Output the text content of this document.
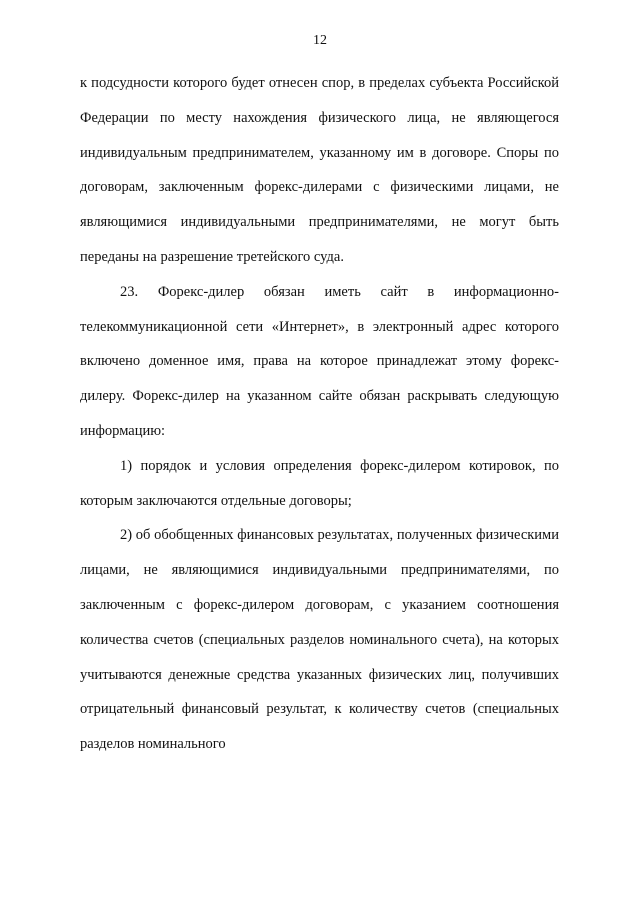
12

к подсудности которого будет отнесен спор, в пределах субъекта Российской Федерации по месту нахождения физического лица, не являющегося индивидуальным предпринимателем, указанному им в договоре. Споры по договорам, заключенным форекс-дилерами с физическими лицами, не являющимися индивидуальными предпринимателями, не могут быть переданы на разрешение третейского суда.

23. Форекс-дилер обязан иметь сайт в информационно-телекоммуникационной сети «Интернет», в электронный адрес которого включено доменное имя, права на которое принадлежат этому форекс-дилеру. Форекс-дилер на указанном сайте обязан раскрывать следующую информацию:

1) порядок и условия определения форекс-дилером котировок, по которым заключаются отдельные договоры;

2) об обобщенных финансовых результатах, полученных физическими лицами, не являющимися индивидуальными предпринимателями, по заключенным с форекс-дилером договорам, с указанием соотношения количества счетов (специальных разделов номинального счета), на которых учитываются денежные средства указанных физических лиц, получивших отрицательный финансовый результат, к количеству счетов (специальных разделов номинального
